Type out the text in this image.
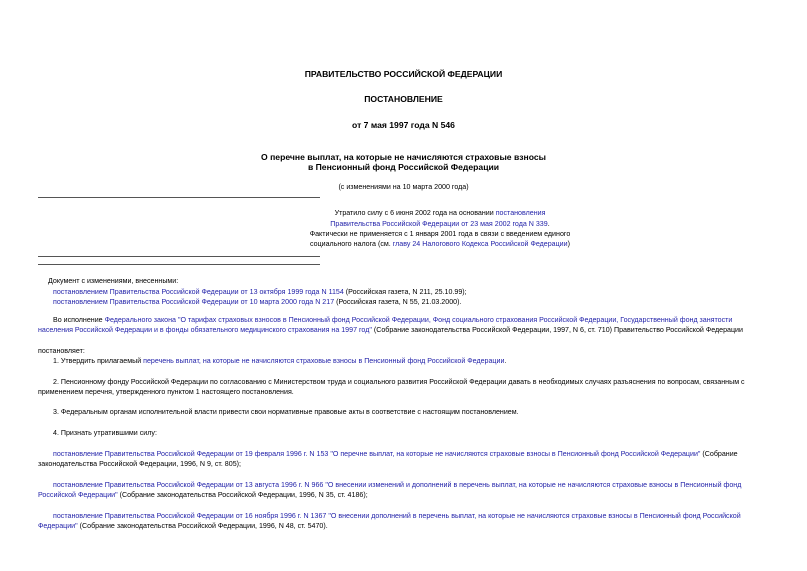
ПРАВИТЕЛЬСТВО РОССИЙСКОЙ ФЕДЕРАЦИИ
ПОСТАНОВЛЕНИЕ
от 7 мая 1997 года N 546
О перечне выплат, на которые не начисляются страховые взносы
в Пенсионный фонд Российской Федерации
(с изменениями на 10 марта 2000 года)
Утратило силу с 6 июня 2002 года на основании постановления
Правительства Российской Федерации от 23 мая 2002 года N 339.
Фактически не применяется с 1 января 2001 года в связи с введением единого
социального налога (см. главу 24 Налогового Кодекса Российской Федерации)
Документ с изменениями, внесенными:
постановлением Правительства Российской Федерации от 13 октября 1999 года N 1154 (Российская газета, N 211, 25.10.99);
постановлением Правительства Российской Федерации от 10 марта 2000 года N 217 (Российская газета, N 55, 21.03.2000).
Во исполнение Федерального закона "О тарифах страховых взносов в Пенсионный фонд Российской Федерации, Фонд социального страхования Российской Федерации, Государственный фонд занятости
населения Российской Федерации и в фонды обязательного медицинского страхования на 1997 год" (Собрание законодательства Российской Федерации, 1997, N 6, ст. 710) Правительство Российской Федерации
постановляет:
1. Утвердить прилагаемый перечень выплат, на которые не начисляются страховые взносы в Пенсионный фонд Российской Федерации.
2. Пенсионному фонду Российской Федерации по согласованию с Министерством труда и социального развития Российской Федерации давать в необходимых случаях разъяснения по вопросам, связанным с
применением перечня, утвержденного пунктом 1 настоящего постановления.
3. Федеральным органам исполнительной власти привести свои нормативные правовые акты в соответствие с настоящим постановлением.
4. Признать утратившими силу:
постановление Правительства Российской Федерации от 19 февраля 1996 г. N 153 "О перечне выплат, на которые не начисляются страховые взносы в Пенсионный фонд Российской Федерации" (Собрание
законодательства Российской Федерации, 1996, N 9, ст. 805);
постановление Правительства Российской Федерации от 13 августа 1996 г. N 966 "О внесении изменений и дополнений в перечень выплат, на которые не начисляются страховые взносы в Пенсионный фонд
Российской Федерации" (Собрание законодательства Российской Федерации, 1996, N 35, ст. 4186);
постановление Правительства Российской Федерации от 16 ноября 1996 г. N 1367 "О внесении дополнений в перечень выплат, на которые не начисляются страховые взносы в Пенсионный фонд Российской
Федерации" (Собрание законодательства Российской Федерации, 1996, N 48, ст. 5470).
